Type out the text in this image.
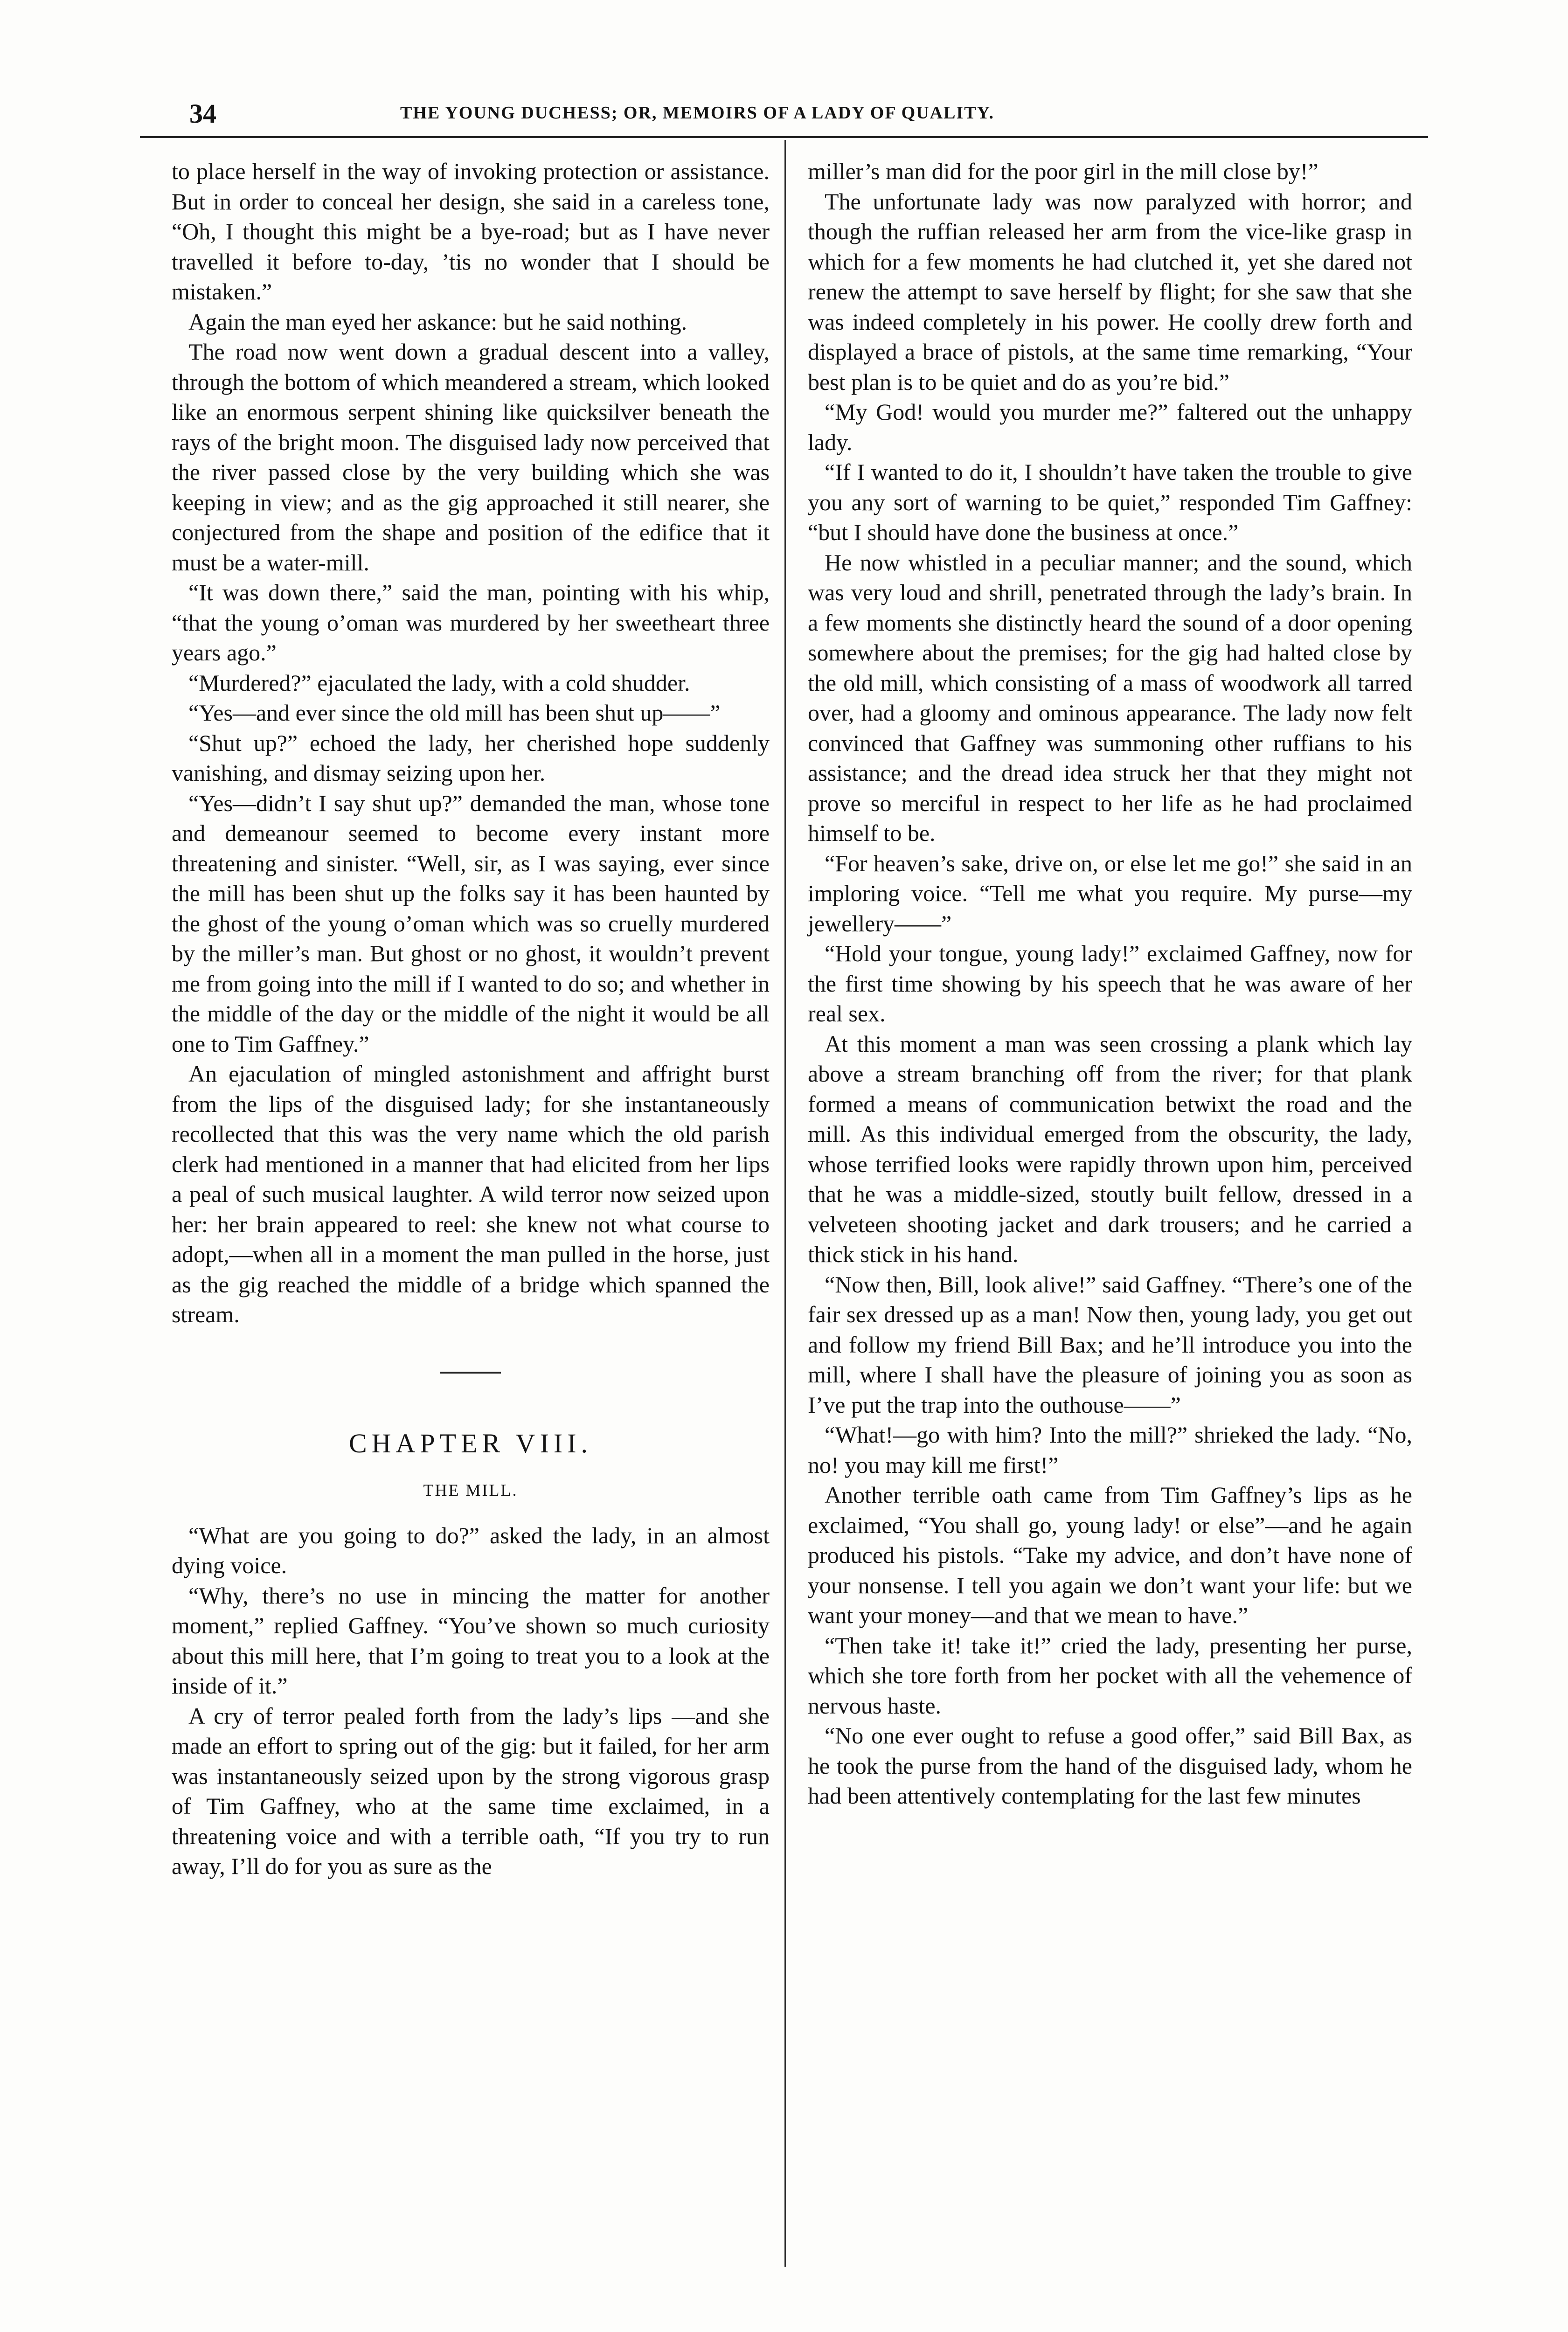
34	THE YOUNG DUCHESS; OR, MEMOIRS OF A LADY OF QUALITY.

to place herself in the way of invoking protection or assistance. But in order to conceal her design, she said in a careless tone, “Oh, I thought this might be a bye-road; but as I have never travelled it before to-day, ’tis no wonder that I should be mistaken.”

Again the man eyed her askance: but he said nothing.

The road now went down a gradual descent into a valley, through the bottom of which meandered a stream, which looked like an enormous serpent shining like quicksilver beneath the rays of the bright moon. The disguised lady now perceived that the river passed close by the very building which she was keeping in view; and as the gig approached it still nearer, she conjectured from the shape and position of the edifice that it must be a water-mill.

“It was down there,” said the man, pointing with his whip, “that the young o’oman was murdered by her sweetheart three years ago.”

“Murdered?” ejaculated the lady, with a cold shudder.

“Yes—and ever since the old mill has been shut up——”

“Shut up?” echoed the lady, her cherished hope suddenly vanishing, and dismay seizing upon her.

“Yes—didn’t I say shut up?” demanded the man, whose tone and demeanour seemed to become every instant more threatening and sinister. “Well, sir, as I was saying, ever since the mill has been shut up the folks say it has been haunted by the ghost of the young o’oman which was so cruelly murdered by the miller’s man. But ghost or no ghost, it wouldn’t prevent me from going into the mill if I wanted to do so; and whether in the middle of the day or the middle of the night it would be all one to Tim Gaffney.”

An ejaculation of mingled astonishment and affright burst from the lips of the disguised lady; for she instantaneously recollected that this was the very name which the old parish clerk had mentioned in a manner that had elicited from her lips a peal of such musical laughter. A wild terror now seized upon her: her brain appeared to reel: she knew not what course to adopt,—when all in a moment the man pulled in the horse, just as the gig reached the middle of a bridge which spanned the stream.

CHAPTER VIII.
THE MILL.

“What are you going to do?” asked the lady, in an almost dying voice.

“Why, there’s no use in mincing the matter for another moment,” replied Gaffney. “You’ve shown so much curiosity about this mill here, that I’m going to treat you to a look at the inside of it.”

A cry of terror pealed forth from the lady’s lips —and she made an effort to spring out of the gig: but it failed, for her arm was instantaneously seized upon by the strong vigorous grasp of Tim Gaffney, who at the same time exclaimed, in a threatening voice and with a terrible oath, “If you try to run away, I’ll do for you as sure as the

miller’s man did for the poor girl in the mill close by!”

The unfortunate lady was now paralyzed with horror; and though the ruffian released her arm from the vice-like grasp in which for a few moments he had clutched it, yet she dared not renew the attempt to save herself by flight; for she saw that she was indeed completely in his power. He coolly drew forth and displayed a brace of pistols, at the same time remarking, “Your best plan is to be quiet and do as you’re bid.”

“My God! would you murder me?” faltered out the unhappy lady.

“If I wanted to do it, I shouldn’t have taken the trouble to give you any sort of warning to be quiet,” responded Tim Gaffney: “but I should have done the business at once.”

He now whistled in a peculiar manner; and the sound, which was very loud and shrill, penetrated through the lady’s brain. In a few moments she distinctly heard the sound of a door opening somewhere about the premises; for the gig had halted close by the old mill, which consisting of a mass of woodwork all tarred over, had a gloomy and ominous appearance. The lady now felt convinced that Gaffney was summoning other ruffians to his assistance; and the dread idea struck her that they might not prove so merciful in respect to her life as he had proclaimed himself to be.

“For heaven’s sake, drive on, or else let me go!” she said in an imploring voice. “Tell me what you require. My purse—my jewellery——”

“Hold your tongue, young lady!” exclaimed Gaffney, now for the first time showing by his speech that he was aware of her real sex.

At this moment a man was seen crossing a plank which lay above a stream branching off from the river; for that plank formed a means of communication betwixt the road and the mill. As this individual emerged from the obscurity, the lady, whose terrified looks were rapidly thrown upon him, perceived that he was a middle-sized, stoutly built fellow, dressed in a velveteen shooting jacket and dark trousers; and he carried a thick stick in his hand.

“Now then, Bill, look alive!” said Gaffney. “There’s one of the fair sex dressed up as a man! Now then, young lady, you get out and follow my friend Bill Bax; and he’ll introduce you into the mill, where I shall have the pleasure of joining you as soon as I’ve put the trap into the outhouse——”

“What!—go with him? Into the mill?” shrieked the lady. “No, no! you may kill me first!”

Another terrible oath came from Tim Gaffney’s lips as he exclaimed, “You shall go, young lady! or else”—and he again produced his pistols. “Take my advice, and don’t have none of your nonsense. I tell you again we don’t want your life: but we want your money—and that we mean to have.”

“Then take it! take it!” cried the lady, presenting her purse, which she tore forth from her pocket with all the vehemence of nervous haste.

“No one ever ought to refuse a good offer,” said Bill Bax, as he took the purse from the hand of the disguised lady, whom he had been attentively contemplating for the last few minutes
